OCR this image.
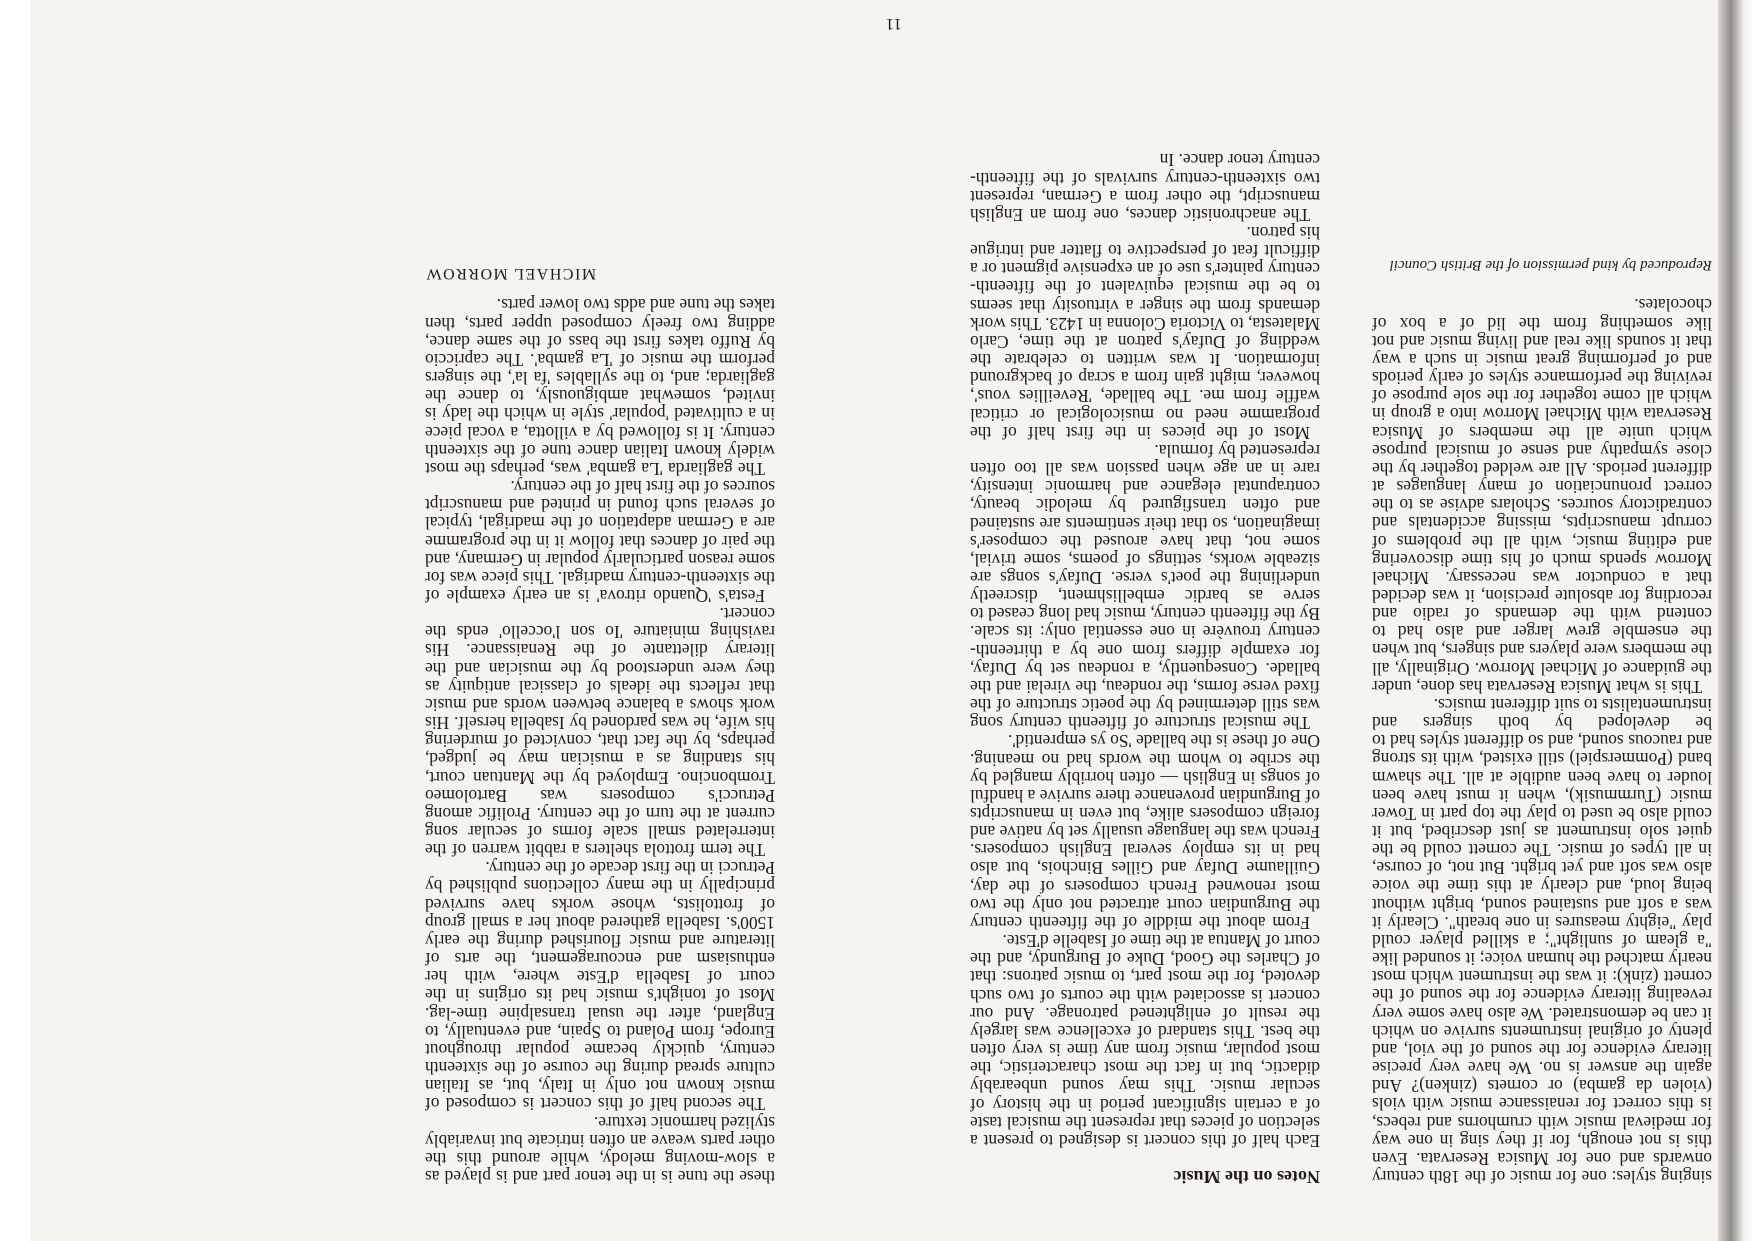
singing styles: one for music of the 18th century onwards and one for Musica Reservata. Even this is not enough, for if they sing in one way for medieval music with crumhorns and rebecs, is this correct for renaissance music with viols (violen da gamba) or cornets (zinken)? And again the answer is no. We have very precise literary evidence for the sound of the viol, and plenty of original instruments survive on which it can be demonstrated. We also have some very revealing literary evidence for the sound of the cornett (zink): it was the instrument which most nearly matched the human voice; it sounded like "a gleam of sunlight"; a skilled player could play "eighty measures in one breath". Clearly it was a soft and sustained sound, bright without being loud, and clearly at this time the voice also was soft and yet bright. But not, of course, in all types of music. The cornett could be the quiet solo instrument as just described, but it could also be used to play the top part in Tower music (Turmmusik), when it must have been louder to have been audible at all. The shawm band (Pommerspiel) still existed, with its strong and raucous sound, and so different styles had to be developed by both singers and instrumentalists to suit different musics.

This is what Musica Reservata has done, under the guidance of Michael Morrow. Originally, all the members were players and singers, but when the ensemble grew larger and also had to contend with the demands of radio and recording for absolute precision, it was decided that a conductor was necessary. Michael Morrow spends much of his time discovering and editing music, with all the problems of corrupt manuscripts, missing accidentals and contradictory sources. Scholars advise as to the correct pronunciation of many languages at different periods. All are welded together by the close sympathy and sense of musical purpose which unite all the members of Musica Reservata with Michael Morrow into a group in which all come together for the sole purpose of reviving the performance styles of early periods and of performing great music in such a way that it sounds like real and living music and not like something from the lid of a box of chocolates.

Reproduced by kind permission of the British Council
Notes on the Music

Each half of this concert is designed to present a selection of pieces that represent the musical taste of a certain significant period in the history of secular music. This may sound unbearably didactic, but in fact the most characteristic, the most popular, music from any time is very often the best. This standard of excellence was largely the result of enlightened patronage. And our concert is associated with the courts of two such devoted, for the most part, to music patrons: that of Charles the Good, Duke of Burgundy, and the court of Mantua at the time of Isabelle d'Este.

From about the middle of the fifteenth century the Burgundian court attracted not only the two most renowned French composers of the day, Guillaume Dufay and Gilles Binchois, but also had in its employ several English composers. French was the language usually set by native and foreign composers alike, but even in manuscripts of Burgundian provenance there survive a handful of songs in English — often horribly mangled by the scribe to whom the words had no meaning. One of these is the ballade 'So ys emprentid'.

The musical structure of fifteenth century song was still determined by the poetic structure of the fixed verse forms, the rondeau, the virelai and the ballade. Consequently, a rondeau set by Dufay, for example differs from one by a thirteenth-century trouvère in one essential only: its scale. By the fifteenth century, music had long ceased to serve as bardic embellishment, discreetly underlining the poet's verse. Dufay's songs are sizeable works, settings of poems, some trivial, some not, that have aroused the composer's imagination, so that their sentiments are sustained and often transfigured by melodic beauty, contrapuntal elegance and harmonic intensity, rare in an age when passion was all too often represented by formula.

Most of the pieces in the first half of the programme need no musicological or critical waffle from me. The ballade, 'Reveillies vous', however, might gain from a scrap of background information. It was written to celebrate the wedding of Dufay's patron at the time, Carlo Malatesta, to Victoria Colonna in 1423. This work demands from the singer a virtuosity that seems to be the musical equivalent of the fifteenth-century painter's use of an expensive pigment or a difficult feat of perspective to flatter and intrigue his patron.

The anachronistic dances, one from an English manuscript, the other from a German, represent two sixteenth-century survivals of the fifteenth-century tenor dance. In

these the tune is in the tenor part and is played as a slow-moving melody, while around this the other parts weave an often intricate but invariably stylized harmonic texture.

The second half of this concert is composed of music known not only in Italy, but, as Italian culture spread during the course of the sixteenth century, quickly became popular throughout Europe, from Poland to Spain, and eventually, to England, after the usual transalpine time-lag. Most of tonight's music had its origins in the court of Isabella d'Este where, with her enthusiasm and encouragement, the arts of literature and music flourished during the early 1500's. Isabella gathered about her a small group of frottolists, whose works have survived principally in the many collections published by Petrucci in the first decade of the century.

The term frottola shelters a rabbit warren of the interrelated small scale forms of secular song current at the turn of the century. Prolific among Petrucci's composers was Bartolomeo Tromboncino. Employed by the Mantuan court, his standing as a musician may be judged, perhaps, by the fact that, convicted of murdering his wife, he was pardoned by Isabella herself. His work shows a balance between words and music that reflects the ideals of classical antiquity as they were understood by the musician and the literary dilettante of the Renaissance. His ravishing miniature 'Io son l'occello' ends the concert.

Festa's 'Quando ritrova' is an early example of the sixteenth-century madrigal. This piece was for some reason particularly popular in Germany, and the pair of dances that follow it in the programme are a German adaptation of the madrigal, typical of several such found in printed and manuscript sources of the first half of the century.

The gagliarda 'La gamba' was, perhaps the most widely known Italian dance tune of the sixteenth century. It is followed by a villotta, a vocal piece in a cultivated 'popular' style in which the lady is invited, somewhat ambiguously, to dance the gagliarda; and, to the syllables 'fa la', the singers perform the music of 'La gamba'. The capriccio by Ruffo takes first the bass of the same dance, adding two freely composed upper parts, then takes the tune and adds two lower parts.

MICHAEL MORROW
11
